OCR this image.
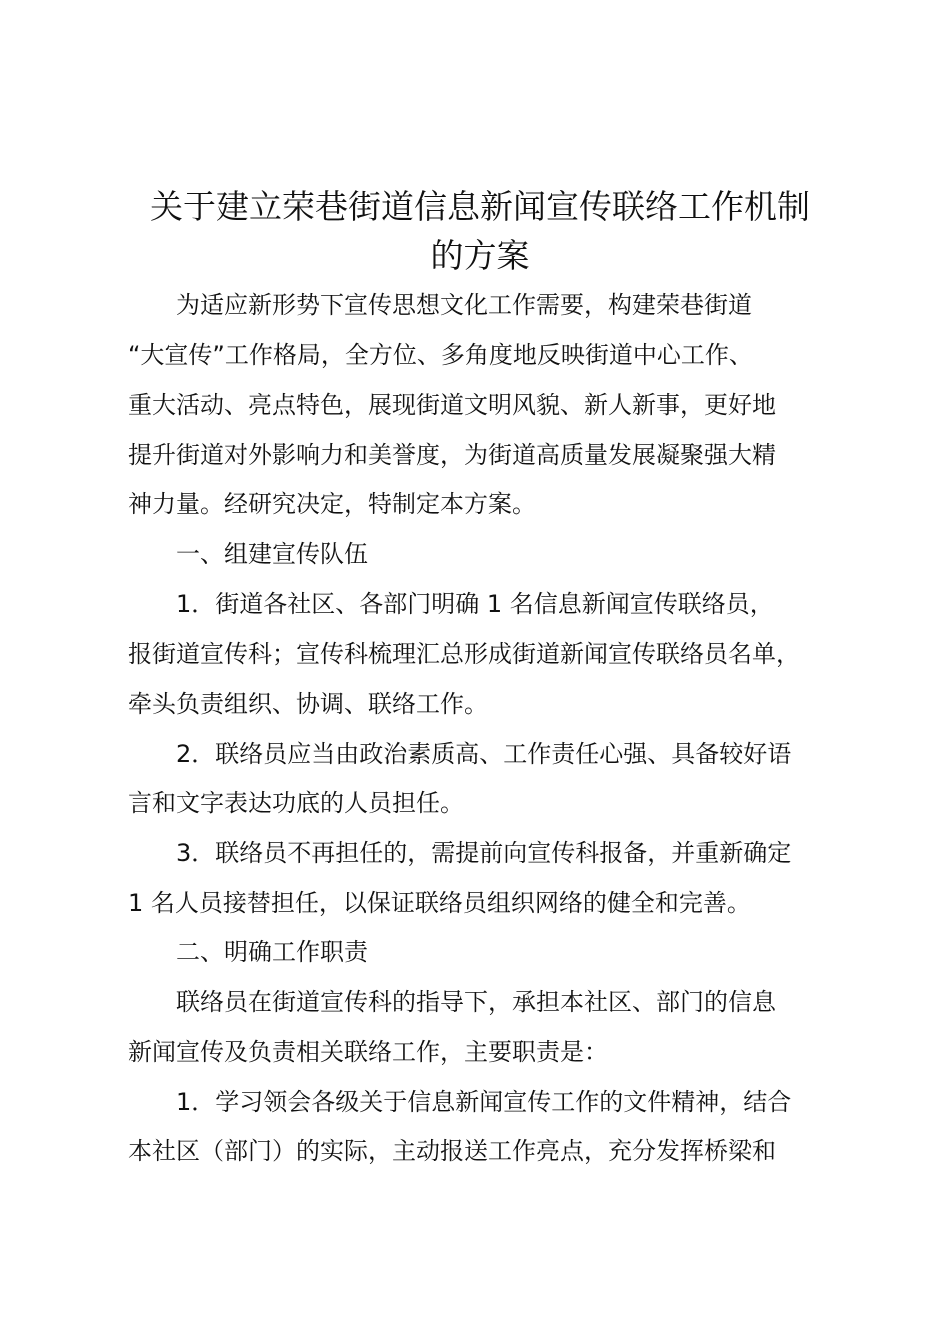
关于建立荣巷街道信息新闻宣传联络工作机制
的方案

为适应新形势下宣传思想文化工作需要，构建荣巷街道

“大宣传”工作格局，全方位、多角度地反映街道中心工作、

重大活动、亮点特色，展现街道文明风貌、新人新事，更好地

提升街道对外影响力和美誉度，为街道高质量发展凝聚强大精

神力量。经研究决定，特制定本方案。

一、组建宣传队伍

1．街道各社区、各部门明确 1 名信息新闻宣传联络员，

报街道宣传科；宣传科梳理汇总形成街道新闻宣传联络员名单，

牵头负责组织、协调、联络工作。

2．联络员应当由政治素质高、工作责任心强、具备较好语

言和文字表达功底的人员担任。

3．联络员不再担任的，需提前向宣传科报备，并重新确定

1 名人员接替担任，以保证联络员组织网络的健全和完善。

二、明确工作职责

联络员在街道宣传科的指导下，承担本社区、部门的信息

新闻宣传及负责相关联络工作，主要职责是：

1．学习领会各级关于信息新闻宣传工作的文件精神，结合

本社区（部门）的实际，主动报送工作亮点，充分发挥桥梁和
